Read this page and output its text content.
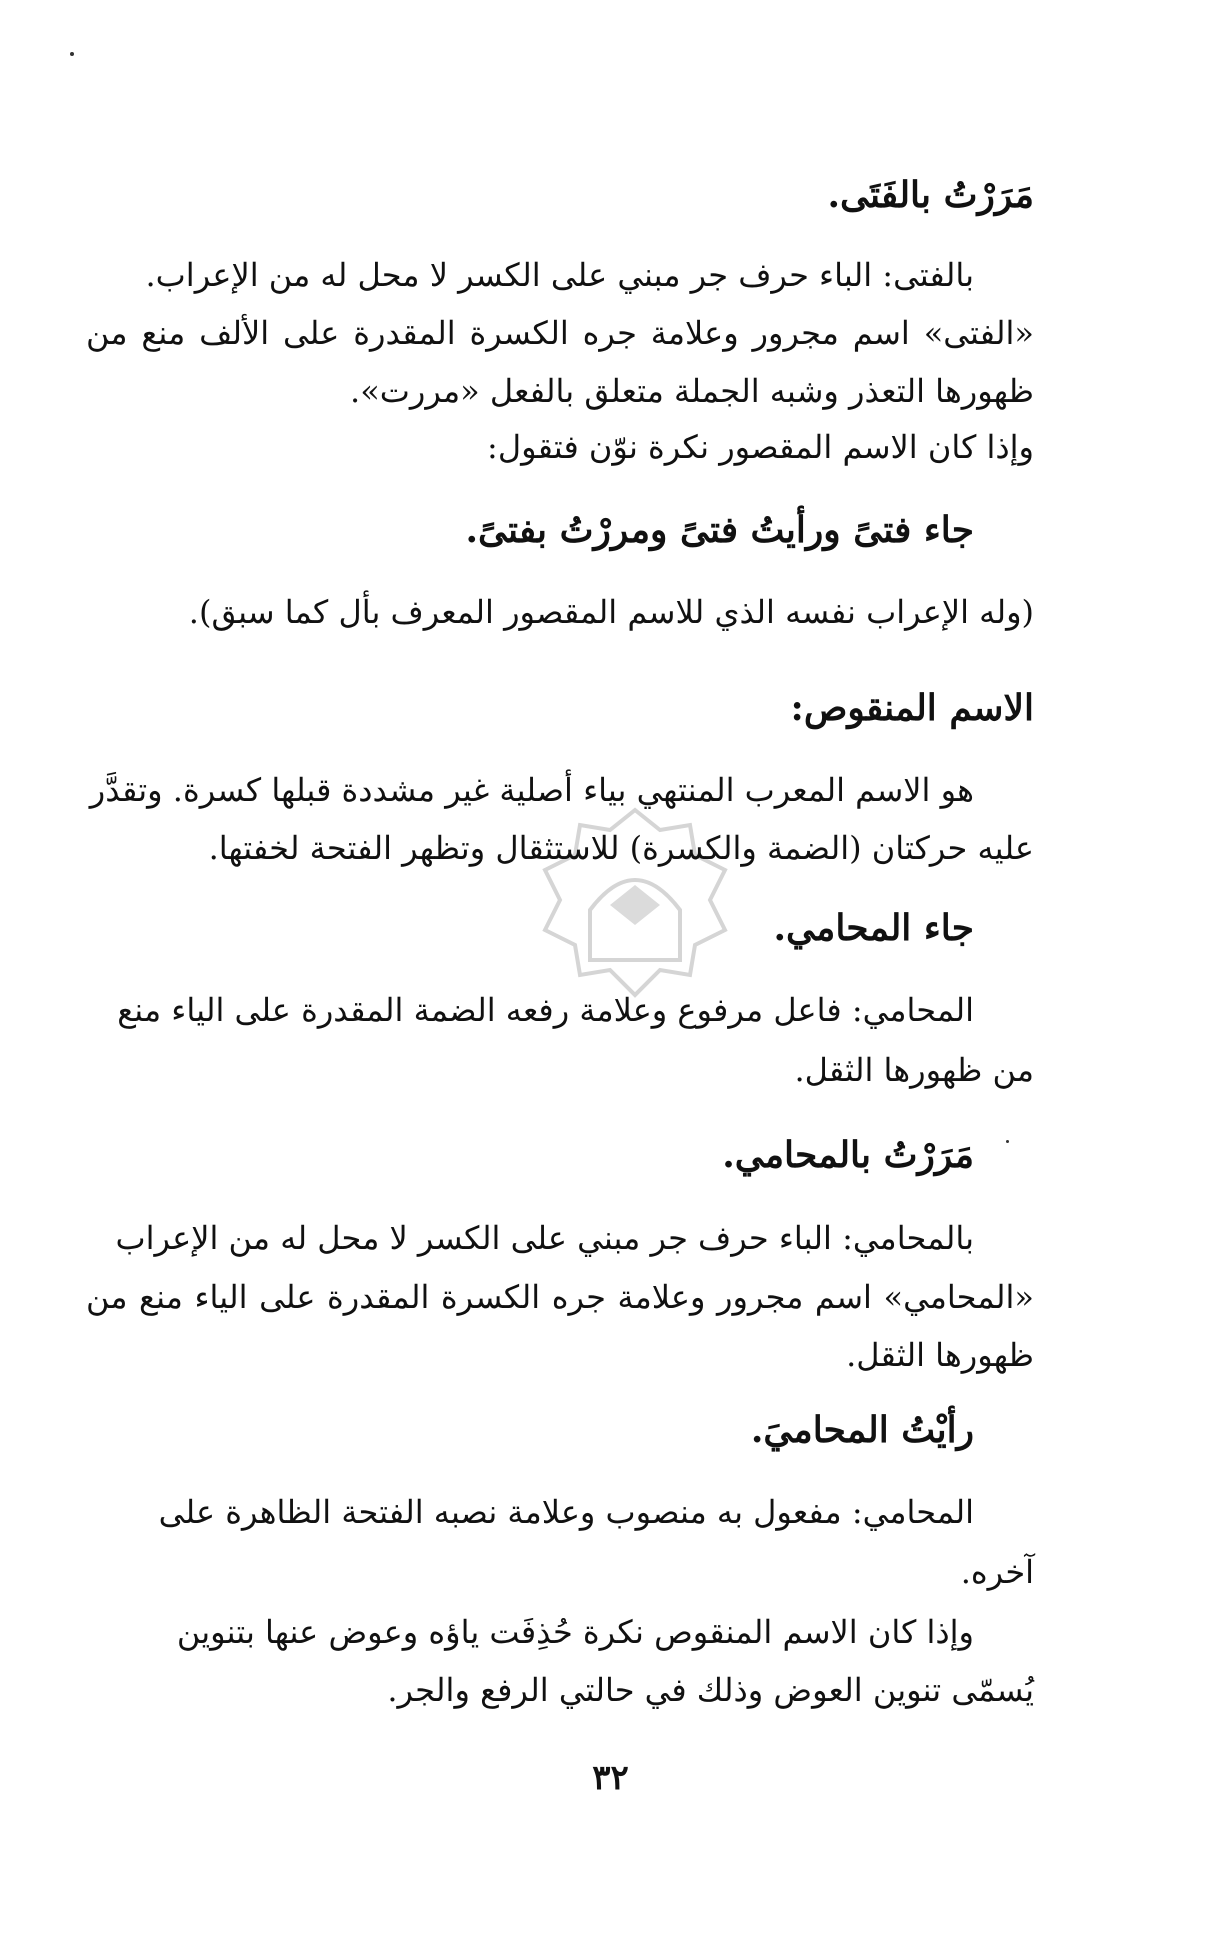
مَرَرْتُ بالفَتَى.
بالفتى: الباء حرف جر مبني على الكسر لا محل له من الإعراب.
«الفتى» اسم مجرور وعلامة جره الكسرة المقدرة على الألف منع من
ظهورها التعذر وشبه الجملة متعلق بالفعل «مررت».
وإذا كان الاسم المقصور نكرة نوّن فتقول:
جاء فتىً ورأيتُ فتىً ومررْتُ بفتىً.
(وله الإعراب نفسه الذي للاسم المقصور المعرف بأل كما سبق).
الاسم المنقوص:
هو الاسم المعرب المنتهي بياء أصلية غير مشددة قبلها كسرة. وتقدَّر
عليه حركتان (الضمة والكسرة) للاستثقال وتظهر الفتحة لخفتها.
جاء المحامي.
المحامي: فاعل مرفوع وعلامة رفعه الضمة المقدرة على الياء منع
من ظهورها الثقل.
مَرَرْتُ بالمحامي.
بالمحامي: الباء حرف جر مبني على الكسر لا محل له من الإعراب
«المحامي» اسم مجرور وعلامة جره الكسرة المقدرة على الياء منع من
ظهورها الثقل.
رأيْتُ المحاميَ.
المحامي: مفعول به منصوب وعلامة نصبه الفتحة الظاهرة على
آخره.
وإذا كان الاسم المنقوص نكرة حُذِفَت ياؤه وعوض عنها بتنوين
يُسمّى تنوين العوض وذلك في حالتي الرفع والجر.
٣٢
